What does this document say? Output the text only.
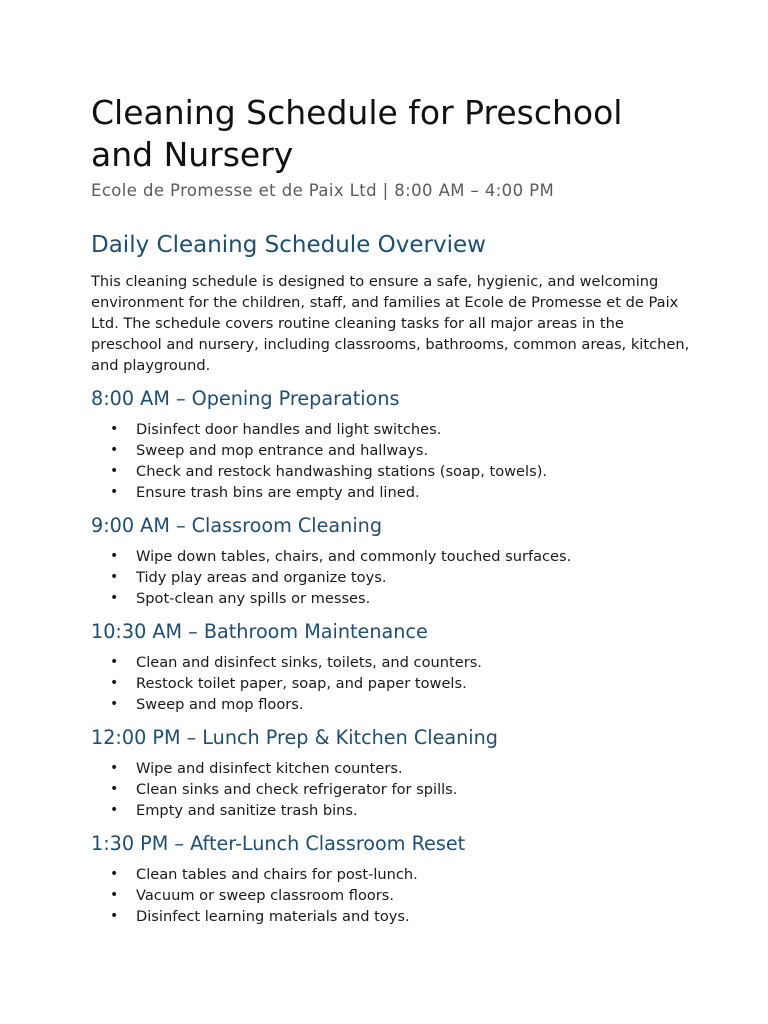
Cleaning Schedule for Preschool and Nursery
Ecole de Promesse et de Paix Ltd | 8:00 AM – 4:00 PM
Daily Cleaning Schedule Overview

This cleaning schedule is designed to ensure a safe, hygienic, and welcoming environment for the children, staff, and families at Ecole de Promesse et de Paix Ltd. The schedule covers routine cleaning tasks for all major areas in the preschool and nursery, including classrooms, bathrooms, common areas, kitchen, and playground.

8:00 AM – Opening Preparations
• Disinfect door handles and light switches.
• Sweep and mop entrance and hallways.
• Check and restock handwashing stations (soap, towels).
• Ensure trash bins are empty and lined.
9:00 AM – Classroom Cleaning
• Wipe down tables, chairs, and commonly touched surfaces.
• Tidy play areas and organize toys.
• Spot-clean any spills or messes.
10:30 AM – Bathroom Maintenance
• Clean and disinfect sinks, toilets, and counters.
• Restock toilet paper, soap, and paper towels.
• Sweep and mop floors.
12:00 PM – Lunch Prep & Kitchen Cleaning
• Wipe and disinfect kitchen counters.
• Clean sinks and check refrigerator for spills.
• Empty and sanitize trash bins.
1:30 PM – After-Lunch Classroom Reset
• Clean tables and chairs for post-lunch.
• Vacuum or sweep classroom floors.
• Disinfect learning materials and toys.
